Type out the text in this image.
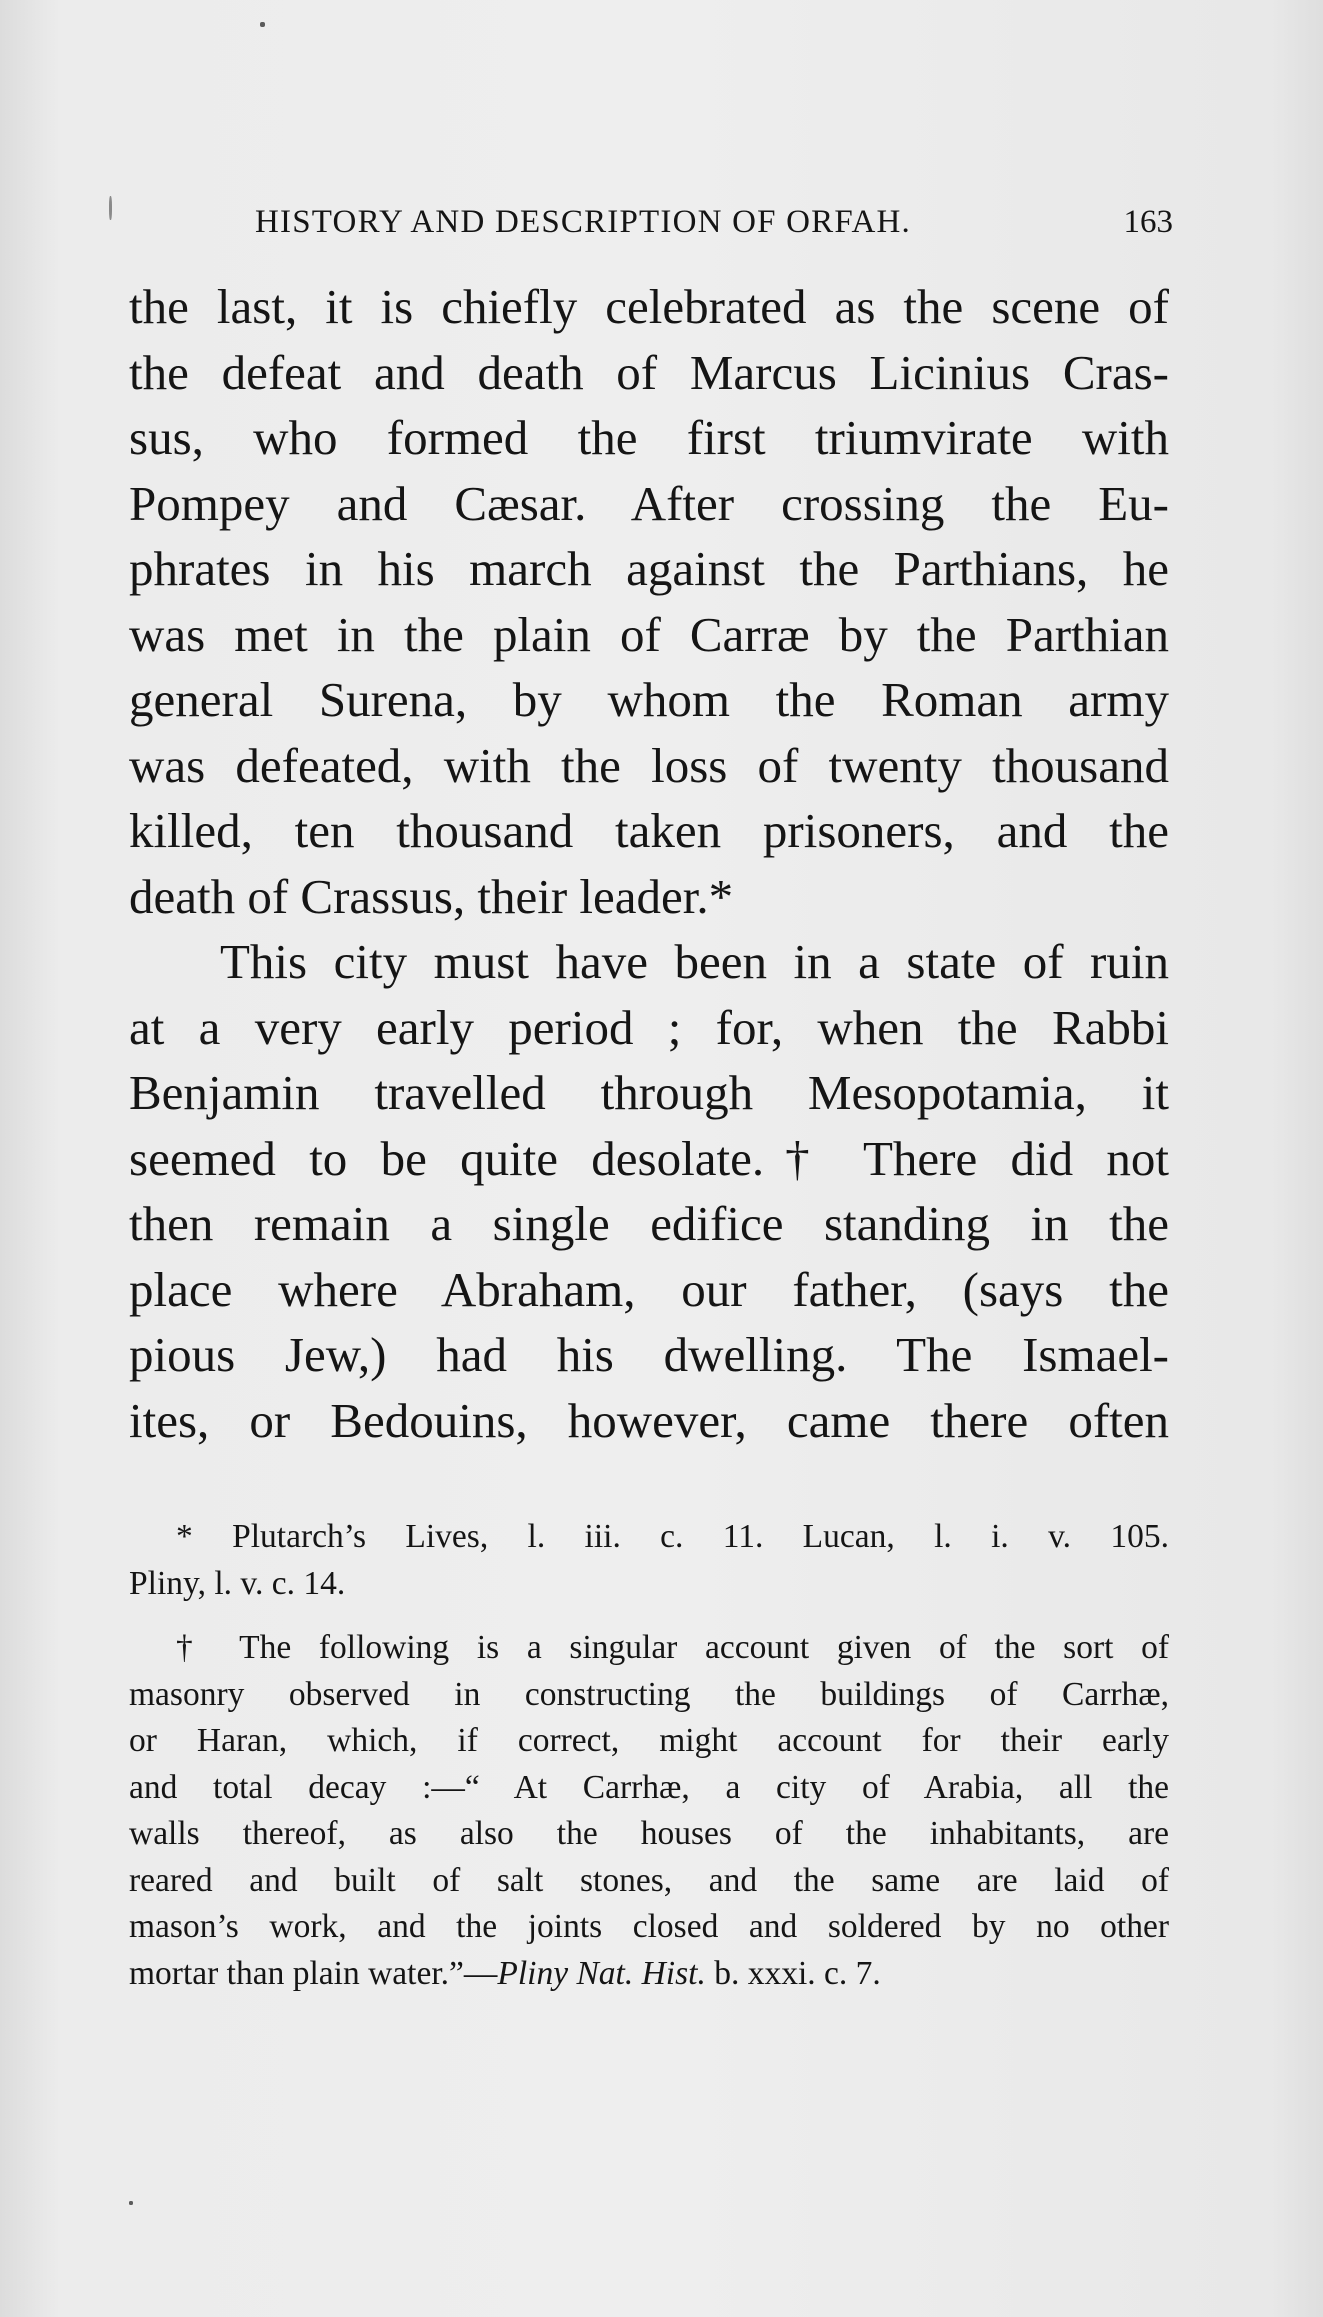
HISTORY AND DESCRIPTION OF ORFAH.	163
the last, it is chiefly celebrated as the scene of
the defeat and death of Marcus Licinius Cras-
sus, who formed the first triumvirate with
Pompey and Cæsar. After crossing the Eu-
phrates in his march against the Parthians, he
was met in the plain of Carræ by the Parthian
general Surena, by whom the Roman army
was defeated, with the loss of twenty thousand
killed, ten thousand taken prisoners, and the
death of Crassus, their leader.*
This city must have been in a state of ruin
at a very early period ; for, when the Rabbi
Benjamin travelled through Mesopotamia, it
seemed to be quite desolate.† There did not
then remain a single edifice standing in the
place where Abraham, our father, (says the
pious Jew,) had his dwelling. The Ismael-
ites, or Bedouins, however, came there often
* Plutarch’s Lives, l. iii. c. 11. Lucan, l. i. v. 105.
Pliny, l. v. c. 14.
† The following is a singular account given of the sort of
masonry observed in constructing the buildings of Carrhæ,
or Haran, which, if correct, might account for their early
and total decay :—“ At Carrhæ, a city of Arabia, all the
walls thereof, as also the houses of the inhabitants, are
reared and built of salt stones, and the same are laid of
mason’s work, and the joints closed and soldered by no other
mortar than plain water.”—Pliny Nat. Hist. b. xxxi. c. 7.
